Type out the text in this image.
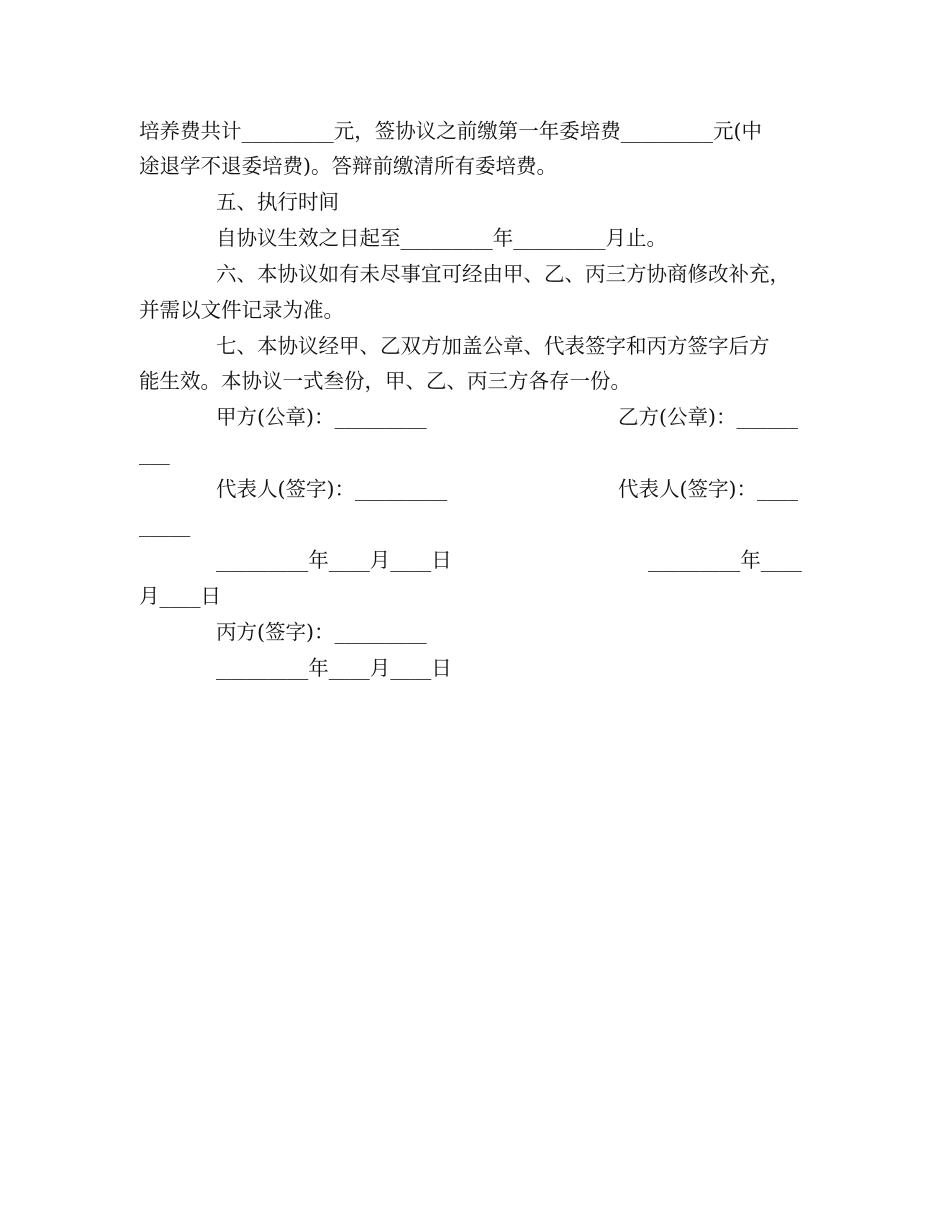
培养费共计_________元，签协议之前缴第一年委培费_________元(中
途退学不退委培费)。答辩前缴清所有委培费。
五、执行时间
自协议生效之日起至_________年_________月止。
六、本协议如有未尽事宜可经由甲、乙、丙三方协商修改补充，
并需以文件记录为准。
七、本协议经甲、乙双方加盖公章、代表签字和丙方签字后方
能生效。本协议一式叁份，甲、乙、丙三方各存一份。
甲方(公章)：_________	乙方(公章)：______
___
代表人(签字)：_________	代表人(签字)：____
_____
_________年____月____日	_________年____
月____日
丙方(签字)：_________
_________年____月____日
